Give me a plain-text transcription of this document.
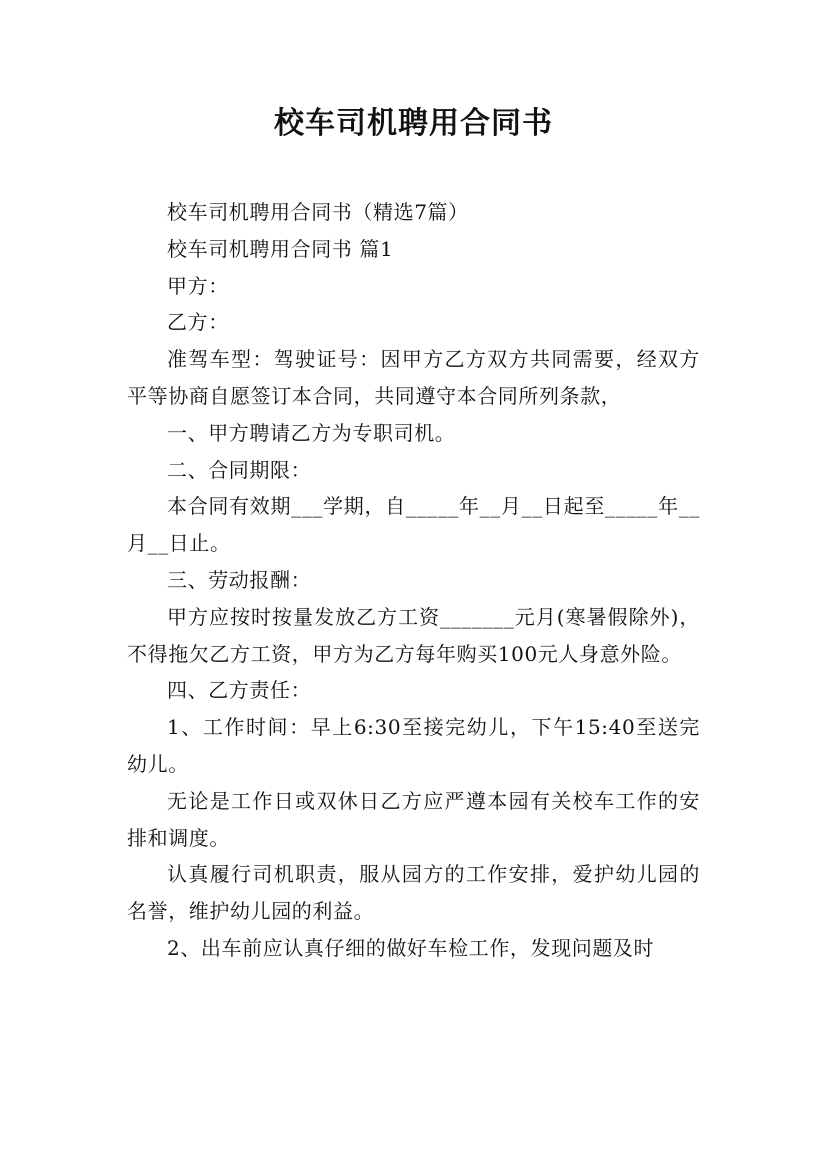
校车司机聘用合同书

校车司机聘用合同书（精选7篇）

校车司机聘用合同书 篇1

甲方：

乙方：

准驾车型：驾驶证号：因甲方乙方双方共同需要，经双方平等协商自愿签订本合同，共同遵守本合同所列条款，

一、甲方聘请乙方为专职司机。

二、合同期限：

本合同有效期___学期，自_____年__月__日起至_____年__月__日止。

三、劳动报酬：

甲方应按时按量发放乙方工资_______元月(寒暑假除外)，不得拖欠乙方工资，甲方为乙方每年购买100元人身意外险。

四、乙方责任：

1、工作时间：早上6:30至接完幼儿，下午15:40至送完幼儿。

无论是工作日或双休日乙方应严遵本园有关校车工作的安排和调度。

认真履行司机职责，服从园方的工作安排，爱护幼儿园的名誉，维护幼儿园的利益。

2、出车前应认真仔细的做好车检工作，发现问题及时
